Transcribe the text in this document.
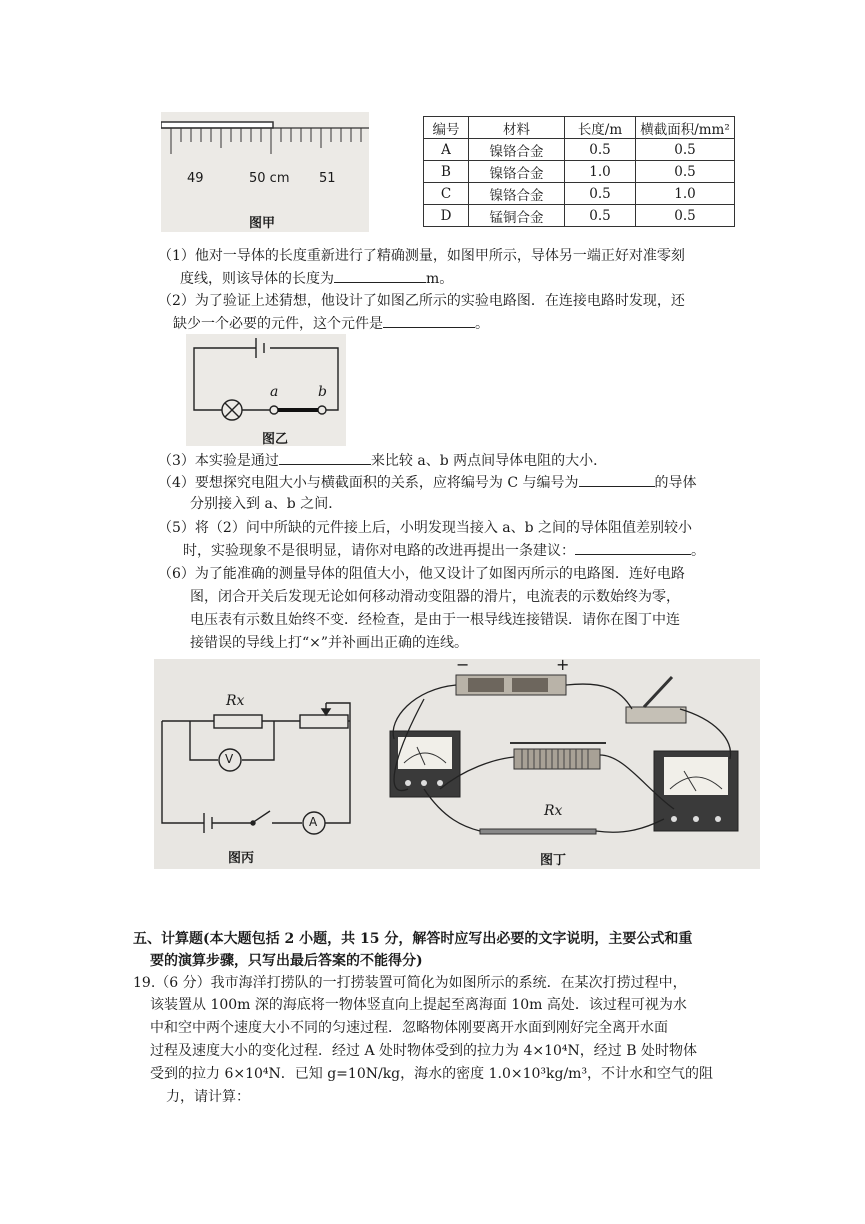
49	50 cm 51
图甲
编号	材料	长度/m	横截面积/mm²
A	镍铬合金	0.5	0.5
B	镍铬合金	1.0	0.5
C	镍铬合金	0.5	1.0
D	锰铜合金	0.5	0.5
（1）他对一导体的长度重新进行了精确测量，如图甲所示，导体另一端正好对准零刻
度线，则该导体的长度为	m。
（2）为了验证上述猜想，他设计了如图乙所示的实验电路图．在连接电路时发现，还
缺少一个必要的元件，这个元件是	。
a	b
图乙
（3）本实验是通过	来比较 a、b 两点间导体电阻的大小．
（4）要想探究电阻大小与横截面积的关系，应将编号为 C 与编号为	的导体
分别接入到 a、b 之间．
（5）将（2）问中所缺的元件接上后，小明发现当接入 a、b 之间的导体阻值差别较小
时，实验现象不是很明显，请你对电路的改进再提出一条建议：	。
（6）为了能准确的测量导体的阻值大小，他又设计了如图丙所示的电路图．连好电路
图，闭合开关后发现无论如何移动滑动变阻器的滑片，电流表的示数始终为零，
电压表有示数且始终不变．经检查，是由于一根导线连接错误．请你在图丁中连
接错误的导线上打“×”并补画出正确的连线。
Rx
V
A
图丙
−	+
Rx
图丁
五、计算题(本大题包括 2 小题，共 15 分，解答时应写出必要的文字说明，主要公式和重
要的演算步骤，只写出最后答案的不能得分)
19.（6 分）我市海洋打捞队的一打捞装置可简化为如图所示的系统．在某次打捞过程中，
该装置从 100m 深的海底将一物体竖直向上提起至离海面 10m 高处．该过程可视为水
中和空中两个速度大小不同的匀速过程．忽略物体刚要离开水面到刚好完全离开水面
过程及速度大小的变化过程．经过 A 处时物体受到的拉力为 4×10⁴N，经过 B 处时物体
受到的拉力 6×10⁴N．已知 g=10N/kg，海水的密度 1.0×10³kg/m³，不计水和空气的阻
力，请计算：
